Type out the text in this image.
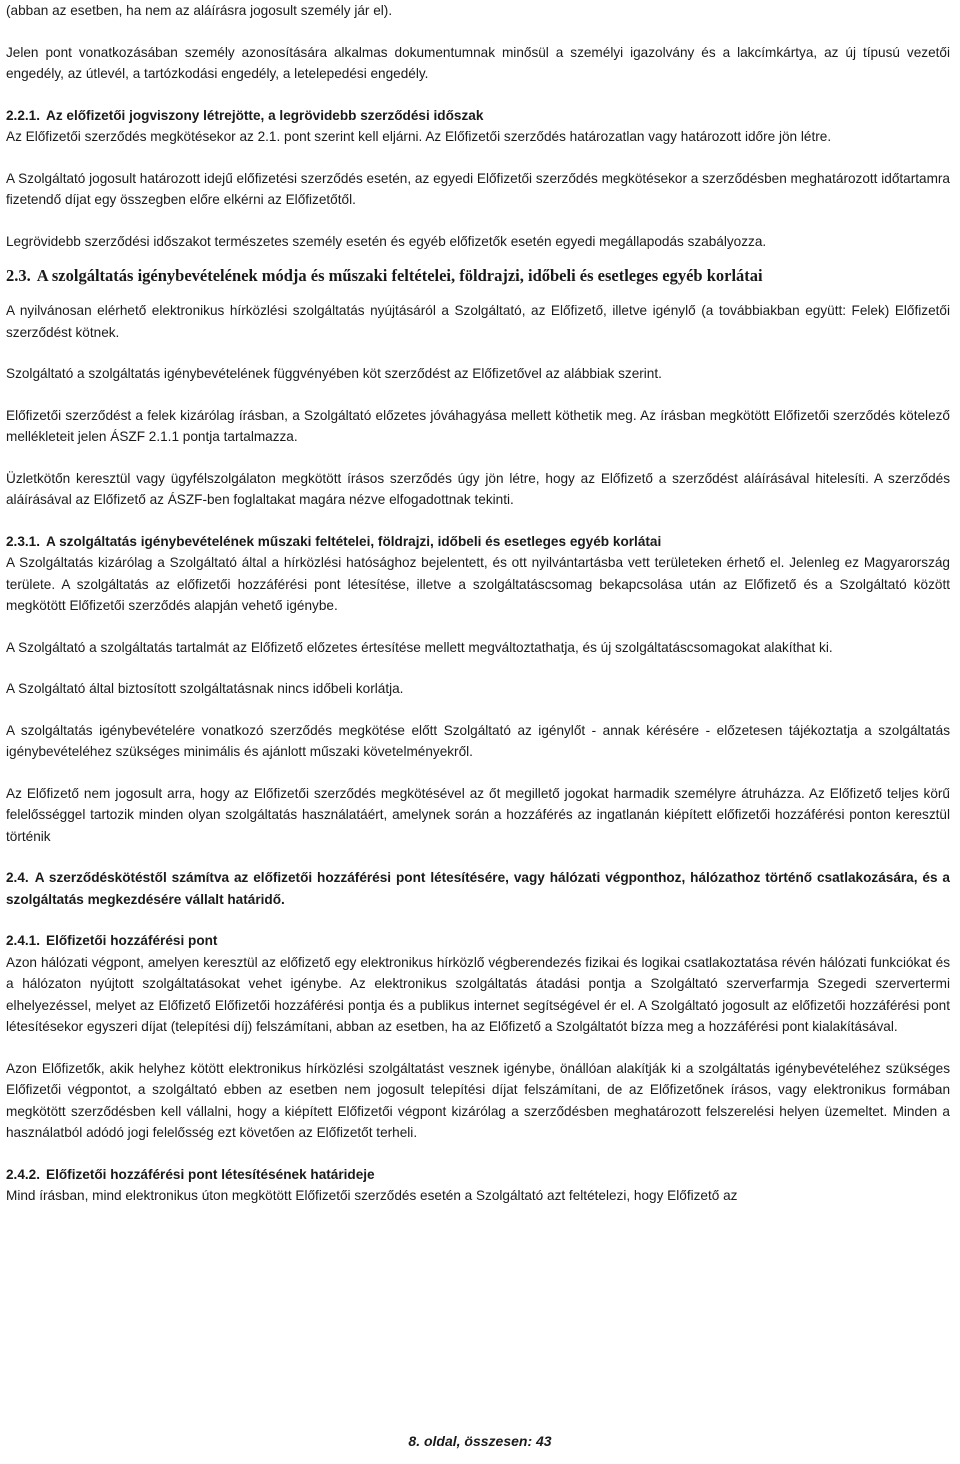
(abban az esetben, ha nem az aláírásra jogosult személy jár el).

Jelen pont vonatkozásában személy azonosítására alkalmas dokumentumnak minősül a személyi igazolvány és a lakcímkártya, az új típusú vezetői engedély, az útlevél, a tartózkodási engedély, a letelepedési engedély.

2.2.1. Az előfizetői jogviszony létrejötte, a legrövidebb szerződési időszak

Az Előfizetői szerződés megkötésekor az 2.1. pont szerint kell eljárni. Az Előfizetői szerződés határozatlan vagy határozott időre jön létre.

A Szolgáltató jogosult határozott idejű előfizetési szerződés esetén, az egyedi Előfizetői szerződés megkötésekor a szerződésben meghatározott időtartamra fizetendő díjat egy összegben előre elkérni az Előfizetőtől.

Legrövidebb szerződési időszakot természetes személy esetén és egyéb előfizetők esetén egyedi megállapodás szabályozza.

2.3. A szolgáltatás igénybevételének módja és műszaki feltételei, földrajzi, időbeli és esetleges egyéb korlátai

A nyilvánosan elérhető elektronikus hírközlési szolgáltatás nyújtásáról a Szolgáltató, az Előfizető, illetve igénylő (a továbbiakban együtt: Felek) Előfizetői szerződést kötnek.

Szolgáltató a szolgáltatás igénybevételének függvényében köt szerződést az Előfizetővel az alábbiak szerint.

Előfizetői szerződést a felek kizárólag írásban, a Szolgáltató előzetes jóváhagyása mellett köthetik meg. Az írásban megkötött Előfizetői szerződés kötelező mellékleteit jelen ÁSZF 2.1.1 pontja tartalmazza.

Üzletkötőn keresztül vagy ügyfélszolgálaton megkötött írásos szerződés úgy jön létre, hogy az Előfizető a szerződést aláírásával hitelesíti. A szerződés aláírásával az Előfizető az ÁSZF-ben foglaltakat magára nézve elfogadottnak tekinti.

2.3.1. A szolgáltatás igénybevételének műszaki feltételei, földrajzi, időbeli és esetleges egyéb korlátai

A Szolgáltatás kizárólag a Szolgáltató által a hírközlési hatósághoz bejelentett, és ott nyilvántartásba vett területeken érhető el. Jelenleg ez Magyarország területe. A szolgáltatás az előfizetői hozzáférési pont létesítése, illetve a szolgáltatáscsomag bekapcsolása után az Előfizető és a Szolgáltató között megkötött Előfizetői szerződés alapján vehető igénybe.

A Szolgáltató a szolgáltatás tartalmát az Előfizető előzetes értesítése mellett megváltoztathatja, és új szolgáltatáscsomagokat alakíthat ki.

A Szolgáltató által biztosított szolgáltatásnak nincs időbeli korlátja.

A szolgáltatás igénybevételére vonatkozó szerződés megkötése előtt Szolgáltató az igénylőt - annak kérésére - előzetesen tájékoztatja a szolgáltatás igénybevételéhez szükséges minimális és ajánlott műszaki követelményekről.

Az Előfizető nem jogosult arra, hogy az Előfizetői szerződés megkötésével az őt megillető jogokat harmadik személyre átruházza. Az Előfizető teljes körű felelősséggel tartozik minden olyan szolgáltatás használatáért, amelynek során a hozzáférés az ingatlanán kiépített előfizetői hozzáférési ponton keresztül történik

2.4. A szerződéskötéstől számítva az előfizetői hozzáférési pont létesítésére, vagy hálózati végponthoz, hálózathoz történő csatlakozására, és a szolgáltatás megkezdésére vállalt határidő.

2.4.1. Előfizetői hozzáférési pont

Azon hálózati végpont, amelyen keresztül az előfizető egy elektronikus hírközlő végberendezés fizikai és logikai csatlakoztatása révén hálózati funkciókat és a hálózaton nyújtott szolgáltatásokat vehet igénybe. Az elektronikus szolgáltatás átadási pontja a Szolgáltató szerverfarmja Szegedi szervertermi elhelyezéssel, melyet az Előfizető Előfizetői hozzáférési pontja és a publikus internet segítségével ér el. A Szolgáltató jogosult az előfizetői hozzáférési pont létesítésekor egyszeri díjat (telepítési díj) felszámítani, abban az esetben, ha az Előfizető a Szolgáltatót bízza meg a hozzáférési pont kialakításával.

Azon Előfizetők, akik helyhez kötött elektronikus hírközlési szolgáltatást vesznek igénybe, önállóan alakítják ki a szolgáltatás igénybevételéhez szükséges Előfizetői végpontot, a szolgáltató ebben az esetben nem jogosult telepítési díjat felszámítani, de az Előfizetőnek írásos, vagy elektronikus formában megkötött szerződésben kell vállalni, hogy a kiépített Előfizetői végpont kizárólag a szerződésben meghatározott felszerelési helyen üzemeltet. Minden a használatból adódó jogi felelősség ezt követően az Előfizetőt terheli.

2.4.2. Előfizetői hozzáférési pont létesítésének határideje

Mind írásban, mind elektronikus úton megkötött Előfizetői szerződés esetén a Szolgáltató azt feltételezi, hogy Előfizető az

8. oldal, összesen: 43
